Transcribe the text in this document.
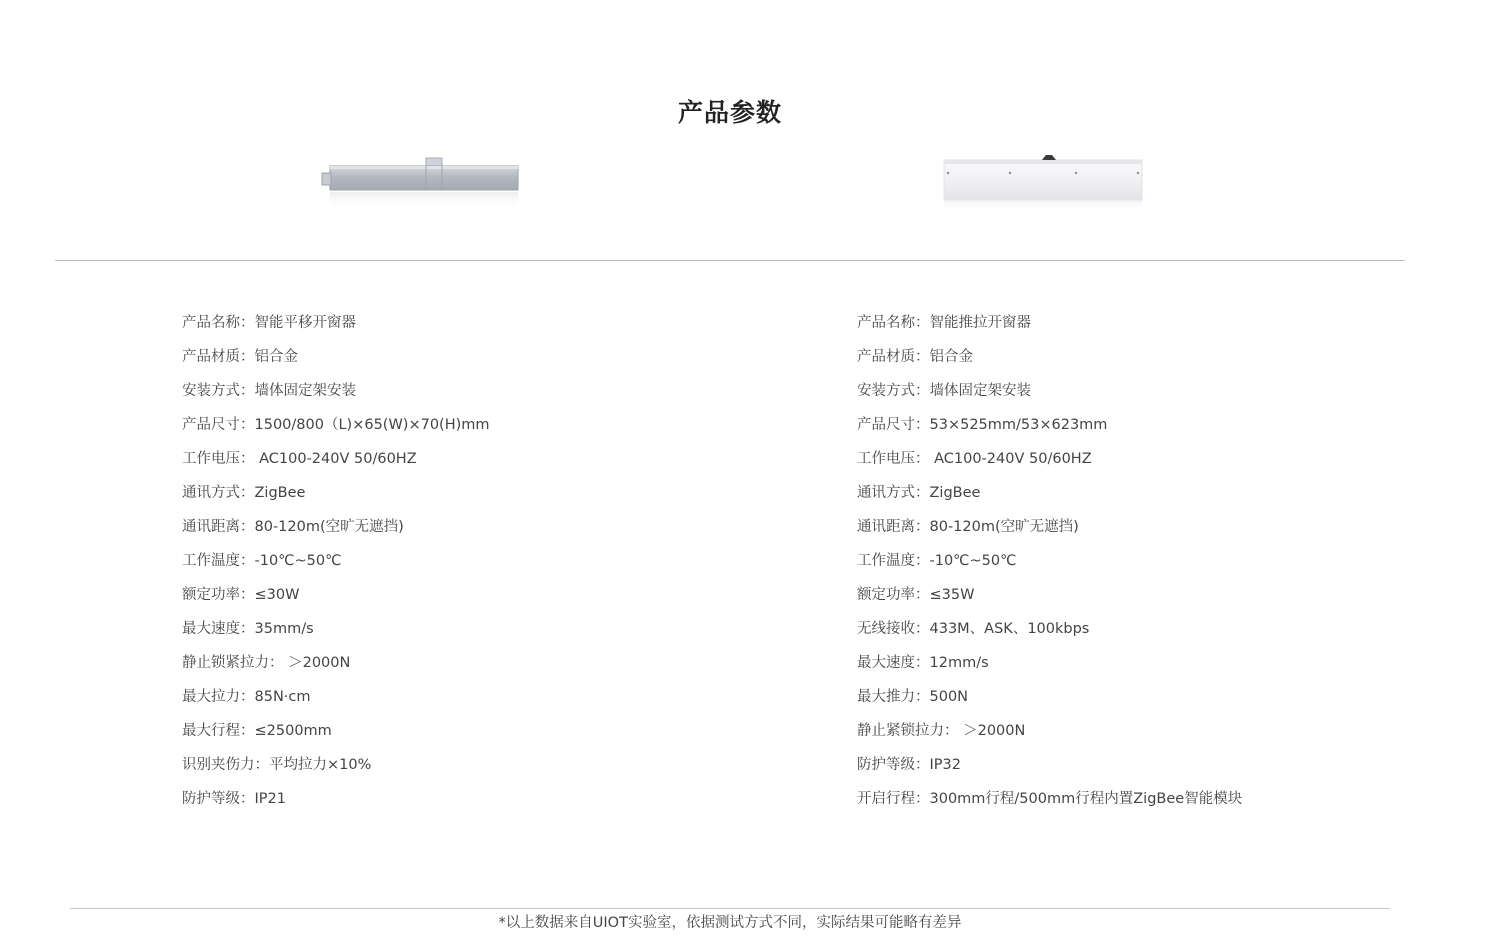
产品参数
产品名称：智能平移开窗器
产品材质：铝合金
安装方式：墙体固定架安装
产品尺寸：1500/800（L)×65(W)×70(H)mm
工作电压： AC100-240V 50/60HZ
通讯方式：ZigBee
通讯距离：80-120m(空旷无遮挡)
工作温度：-10℃~50℃
额定功率：≤30W
最大速度：35mm/s
静止锁紧拉力： ＞2000N
最大拉力：85N·cm
最大行程：≤2500mm
识别夹伤力：平均拉力×10%
防护等级：IP21
产品名称：智能推拉开窗器
产品材质：铝合金
安装方式：墙体固定架安装
产品尺寸：53×525mm/53×623mm
工作电压： AC100-240V 50/60HZ
通讯方式：ZigBee
通讯距离：80-120m(空旷无遮挡)
工作温度：-10℃~50℃
额定功率：≤35W
无线接收：433M、ASK、100kbps
最大速度：12mm/s
最大推力：500N
静止紧锁拉力： ＞2000N
防护等级：IP32
开启行程：300mm行程/500mm行程内置ZigBee智能模块
*以上数据来自UIOT实验室，依据测试方式不同，实际结果可能略有差异
